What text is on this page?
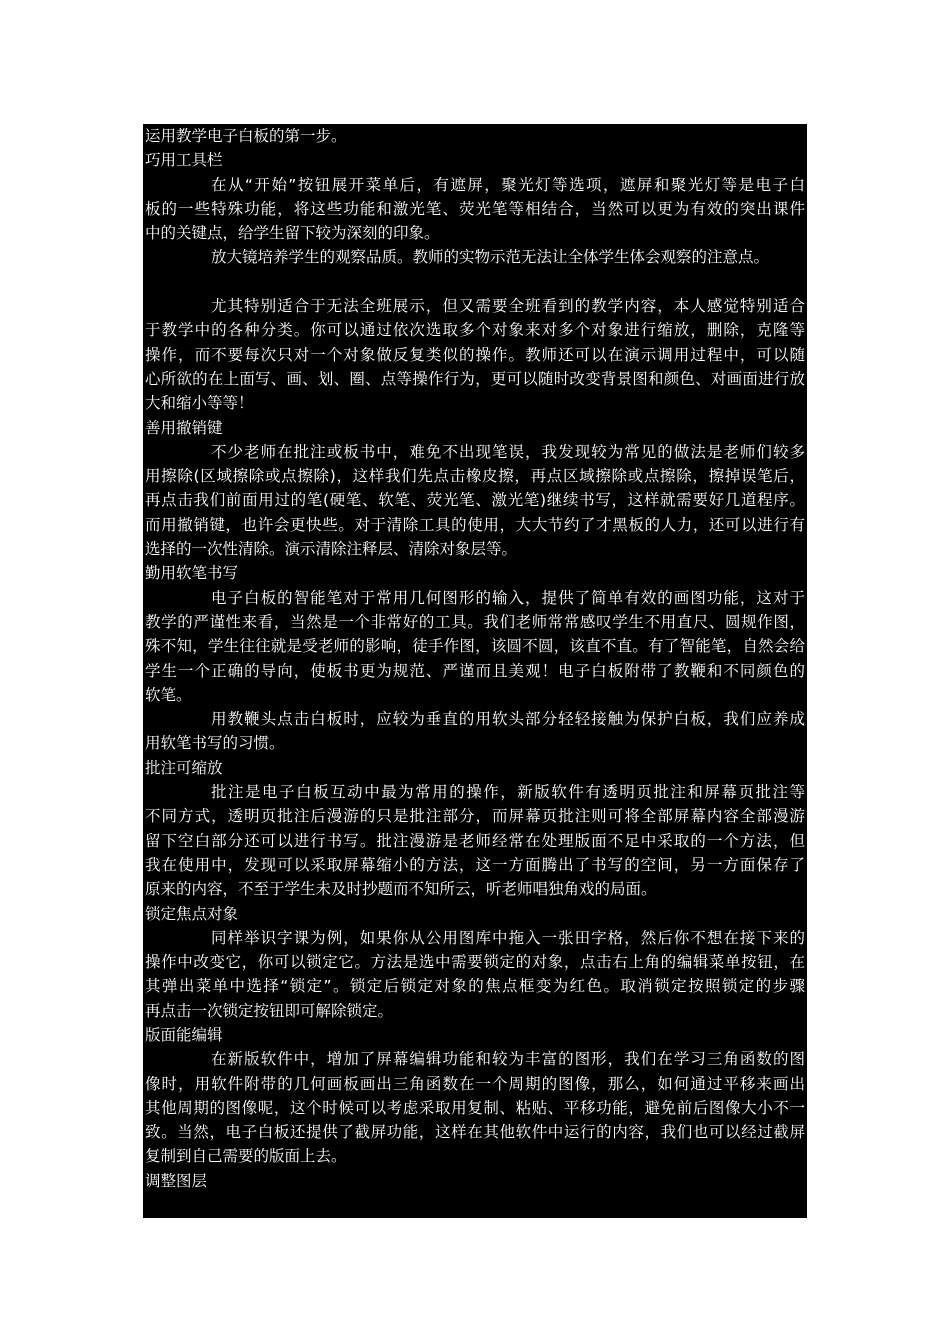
运用教学电子白板的第一步。
巧用工具栏
在从“开始”按钮展开菜单后，有遮屏，聚光灯等选项，遮屏和聚光灯等是电子白
板的一些特殊功能，将这些功能和激光笔、荧光笔等相结合，当然可以更为有效的突出课件
中的关键点，给学生留下较为深刻的印象。
放大镜培养学生的观察品质。教师的实物示范无法让全体学生体会观察的注意点。
尤其特别适合于无法全班展示，但又需要全班看到的教学内容，本人感觉特别适合
于教学中的各种分类。你可以通过依次选取多个对象来对多个对象进行缩放，删除，克隆等
操作，而不要每次只对一个对象做反复类似的操作。教师还可以在演示调用过程中，可以随
心所欲的在上面写、画、划、圈、点等操作行为，更可以随时改变背景图和颜色、对画面进行放
大和缩小等等！
善用撤销键
不少老师在批注或板书中，难免不出现笔误，我发现较为常见的做法是老师们较多
用擦除(区域擦除或点擦除)，这样我们先点击橡皮擦，再点区域擦除或点擦除，擦掉误笔后，
再点击我们前面用过的笔(硬笔、软笔、荧光笔、激光笔)继续书写，这样就需要好几道程序。
而用撤销键，也许会更快些。对于清除工具的使用，大大节约了才黑板的人力，还可以进行有
选择的一次性清除。演示清除注释层、清除对象层等。
勤用软笔书写
电子白板的智能笔对于常用几何图形的输入，提供了简单有效的画图功能，这对于
教学的严谨性来看，当然是一个非常好的工具。我们老师常常感叹学生不用直尺、圆规作图，
殊不知，学生往往就是受老师的影响，徒手作图，该圆不圆，该直不直。有了智能笔，自然会给
学生一个正确的导向，使板书更为规范、严谨而且美观！电子白板附带了教鞭和不同颜色的
软笔。
用教鞭头点击白板时，应较为垂直的用软头部分轻轻接触为保护白板，我们应养成
用软笔书写的习惯。
批注可缩放
批注是电子白板互动中最为常用的操作，新版软件有透明页批注和屏幕页批注等
不同方式，透明页批注后漫游的只是批注部分，而屏幕页批注则可将全部屏幕内容全部漫游
留下空白部分还可以进行书写。批注漫游是老师经常在处理版面不足中采取的一个方法，但
我在使用中，发现可以采取屏幕缩小的方法，这一方面腾出了书写的空间，另一方面保存了
原来的内容，不至于学生未及时抄题而不知所云，听老师唱独角戏的局面。
锁定焦点对象
同样举识字课为例，如果你从公用图库中拖入一张田字格，然后你不想在接下来的
操作中改变它，你可以锁定它。方法是选中需要锁定的对象，点击右上角的编辑菜单按钮，在
其弹出菜单中选择“锁定”。锁定后锁定对象的焦点框变为红色。取消锁定按照锁定的步骤
再点击一次锁定按钮即可解除锁定。
版面能编辑
在新版软件中，增加了屏幕编辑功能和较为丰富的图形，我们在学习三角函数的图
像时，用软件附带的几何画板画出三角函数在一个周期的图像，那么，如何通过平移来画出
其他周期的图像呢，这个时候可以考虑采取用复制、粘贴、平移功能，避免前后图像大小不一
致。当然，电子白板还提供了截屏功能，这样在其他软件中运行的内容，我们也可以经过截屏
复制到自己需要的版面上去。
调整图层
